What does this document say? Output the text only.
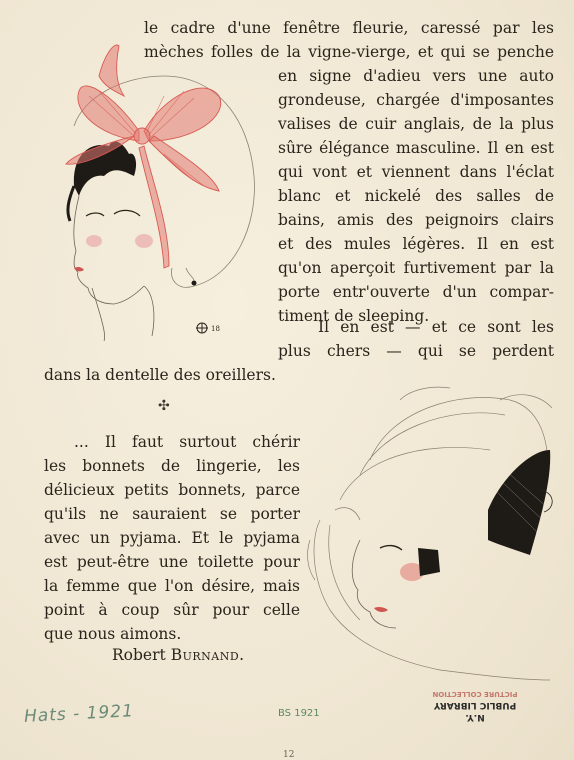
18
le cadre d'une fenêtre fleurie, caressé par les
mèches folles de la vigne-vierge, et qui se penche
en signe d'adieu vers une auto
grondeuse, chargée d'imposantes
valises de cuir anglais, de la plus
sûre élégance masculine. Il en est
qui vont et viennent dans l'éclat
blanc et nickelé des salles de
bains, amis des peignoirs clairs
et des mules légères. Il en est
qu'on aperçoit furtivement par la
porte entr'ouverte d'un compar-
timent de sleeping.
Il en est — et ce sont les
plus chers — qui se perdent
dans la dentelle des oreillers.
✣
... Il faut surtout chérir
les bonnets de lingerie, les
délicieux petits bonnets, parce
qu'ils ne sauraient se porter
avec un pyjama. Et le pyjama
est peut-être une toilette pour
la femme que l'on désire, mais
point à coup sûr pour celle
que nous aimons.
Robert Burnand.
Hats - 1921	BS 1921
PICTURE COLLECTION
PUBLIC LIBRARY
N.Y.
12
